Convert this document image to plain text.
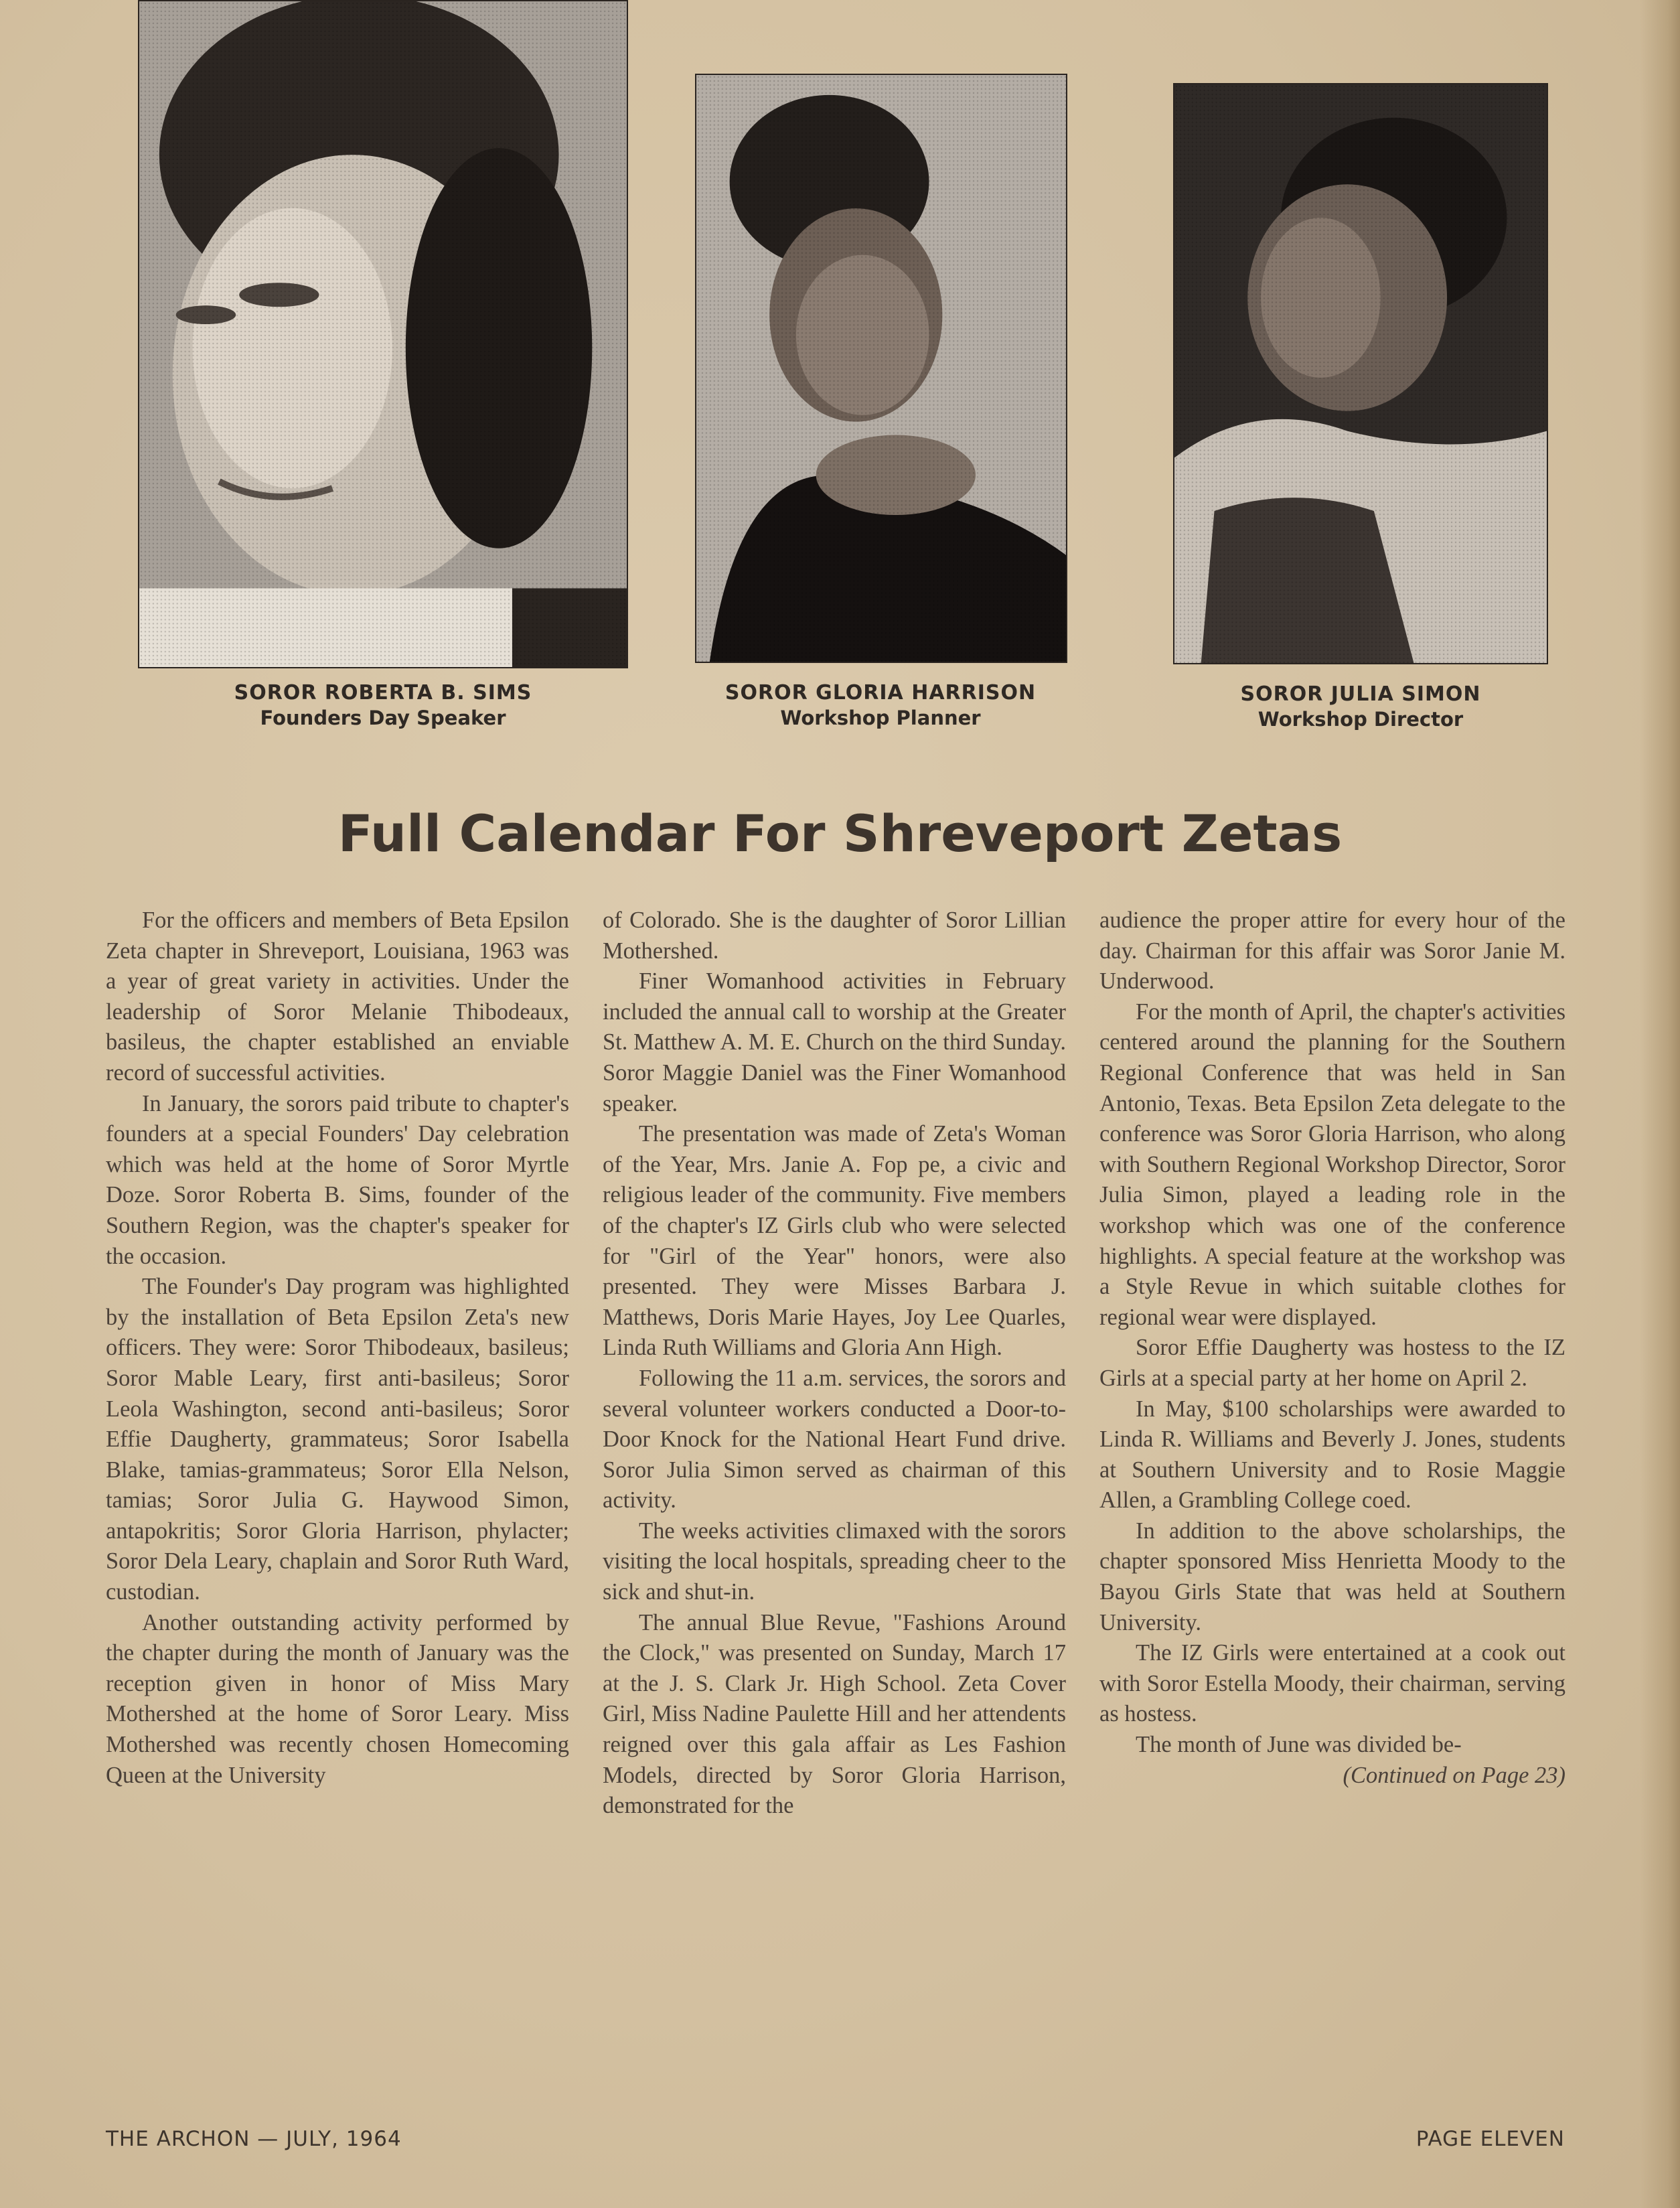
SOROR ROBERTA B. SIMS
Founders Day Speaker
SOROR GLORIA HARRISON
Workshop Planner
SOROR JULIA SIMON
Workshop Director
Full Calendar For Shreveport Zetas

For the officers and members of Beta Epsilon Zeta chapter in Shreveport, Louisiana, 1963 was a year of great variety in activities. Under the leadership of Soror Melanie Thibodeaux, basileus, the chapter established an enviable record of successful activities.

In January, the sorors paid tribute to chapter's founders at a special Founders' Day celebration which was held at the home of Soror Myrtle Doze. Soror Roberta B. Sims, founder of the Southern Region, was the chapter's speaker for the occasion.

The Founder's Day program was highlighted by the installation of Beta Epsilon Zeta's new officers. They were: Soror Thibodeaux, basileus; Soror Mable Leary, first anti-basileus; Soror Leola Washington, second anti-basileus; Soror Effie Daugherty, grammateus; Soror Isabella Blake, tamias-grammateus; Soror Ella Nelson, tamias; Soror Julia G. Haywood Simon, antapokritis; Soror Gloria Harrison, phylacter; Soror Dela Leary, chaplain and Soror Ruth Ward, custodian.

Another outstanding activity performed by the chapter during the month of January was the reception given in honor of Miss Mary Mothershed at the home of Soror Leary. Miss Mothershed was recently chosen Homecoming Queen at the University

of Colorado. She is the daughter of Soror Lillian Mothershed.

Finer Womanhood activities in February included the annual call to worship at the Greater St. Matthew A. M. E. Church on the third Sunday. Soror Maggie Daniel was the Finer Womanhood speaker.

The presentation was made of Zeta's Woman of the Year, Mrs. Janie A. Fop pe, a civic and religious leader of the community. Five members of the chapter's IZ Girls club who were selected for "Girl of the Year" honors, were also presented. They were Misses Barbara J. Matthews, Doris Marie Hayes, Joy Lee Quarles, Linda Ruth Williams and Gloria Ann High.

Following the 11 a.m. services, the sorors and several volunteer workers conducted a Door-to-Door Knock for the National Heart Fund drive. Soror Julia Simon served as chairman of this activity.

The weeks activities climaxed with the sorors visiting the local hospitals, spreading cheer to the sick and shut-in.

The annual Blue Revue, "Fashions Around the Clock," was presented on Sunday, March 17 at the J. S. Clark Jr. High School. Zeta Cover Girl, Miss Nadine Paulette Hill and her attendents reigned over this gala affair as Les Fashion Models, directed by Soror Gloria Harrison, demonstrated for the

audience the proper attire for every hour of the day. Chairman for this affair was Soror Janie M. Underwood.

For the month of April, the chapter's activities centered around the planning for the Southern Regional Conference that was held in San Antonio, Texas. Beta Epsilon Zeta delegate to the conference was Soror Gloria Harrison, who along with Southern Regional Workshop Director, Soror Julia Simon, played a leading role in the workshop which was one of the conference highlights. A special feature at the workshop was a Style Revue in which suitable clothes for regional wear were displayed.

Soror Effie Daugherty was hostess to the IZ Girls at a special party at her home on April 2.

In May, $100 scholarships were awarded to Linda R. Williams and Beverly J. Jones, students at Southern University and to Rosie Maggie Allen, a Grambling College coed.

In addition to the above scholarships, the chapter sponsored Miss Henrietta Moody to the Bayou Girls State that was held at Southern University.

The IZ Girls were entertained at a cook out with Soror Estella Moody, their chairman, serving as hostess.

The month of June was divided be-

(Continued on Page 23)

THE ARCHON — JULY, 1964	PAGE ELEVEN
